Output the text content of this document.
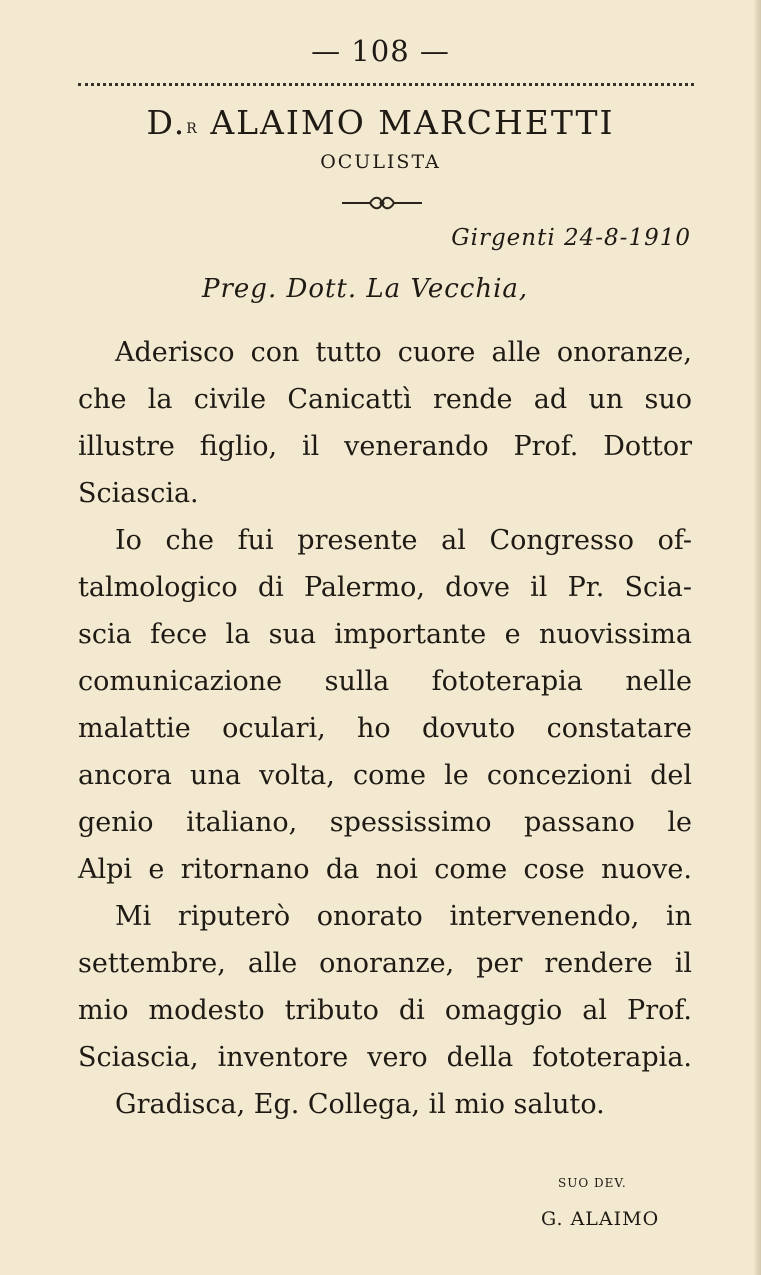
— 108 —
D.R ALAIMO MARCHETTI
OCULISTA
Girgenti 24-8-1910
Preg. Dott. La Vecchia,
Aderisco con tutto cuore alle onoranze,
che la civile Canicattì rende ad un suo
illustre figlio, il venerando Prof. Dottor
Sciascia.
Io che fui presente al Congresso of-
talmologico di Palermo, dove il Pr. Scia-
scia fece la sua importante e nuovissima
comunicazione sulla fototerapia nelle
malattie oculari, ho dovuto constatare
ancora una volta, come le concezioni del
genio italiano, spessissimo passano le
Alpi e ritornano da noi come cose nuove.
Mi riputerò onorato intervenendo, in
settembre, alle onoranze, per rendere il
mio modesto tributo di omaggio al Prof.
Sciascia, inventore vero della fototerapia.
Gradisca, Eg. Collega, il mio saluto.
SUO DEV.
G. ALAIMO
